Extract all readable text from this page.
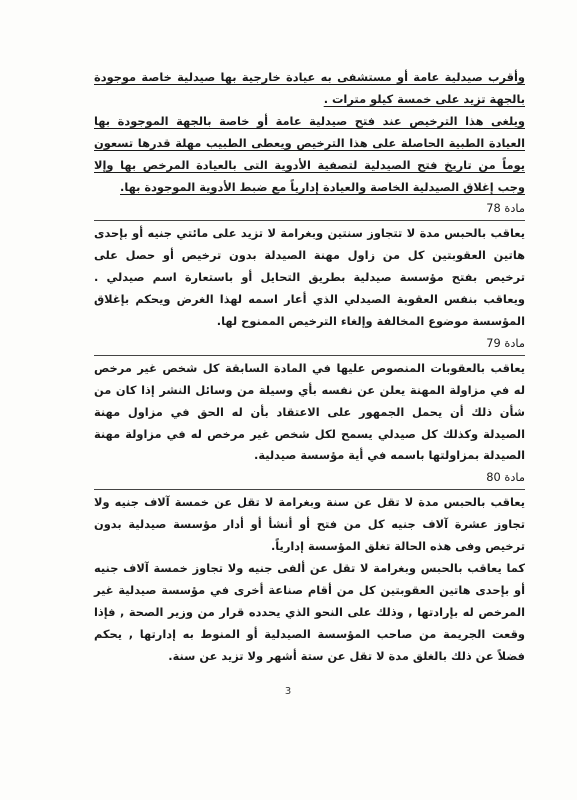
وأقرب صيدلية عامة أو مستشفى به عيادة خارجية بها صيدلية خاصة موجودة بالجهة تزيد على خمسة كيلو مترات .

ويلغى هذا الترخيص عند فتح صيدلية عامة أو خاصة بالجهة الموجودة بها العيادة الطبية الحاصلة على هذا الترخيص ويعطى الطبيب مهلة قدرها تسعون يوماً من تاريخ فتح الصيدلية لتصفية الأدوية التى بالعيادة المرخص بها وإلا وجب إغلاق الصيدلية الخاصة والعيادة إدارياً مع ضبط الأدوية الموجودة بها.

مادة 78

يعاقب بالحبس مدة لا تتجاوز سنتين وبغرامة لا تزيد على مائتي جنيه أو بإحدى هاتين العقوبتين كل من زاول مهنة الصيدلة بدون ترخيص أو حصل على ترخيص بفتح مؤسسة صيدلية بطريق التحايل أو باستعارة اسم صيدلي . ويعاقب بنفس العقوبة الصيدلي الذي أعار اسمه لهذا الغرض ويحكم بإغلاق المؤسسة موضوع المخالفة وإلغاء الترخيص الممنوح لها.

مادة 79

يعاقب بالعقوبات المنصوص عليها في المادة السابقة كل شخص غير مرخص له في مزاولة المهنة يعلن عن نفسه بأي وسيلة من وسائل النشر إذا كان من شأن ذلك أن يحمل الجمهور على الاعتقاد بأن له الحق في مزاول مهنة الصيدلة وكذلك كل صيدلي يسمح لكل شخص غير مرخص له في مزاولة مهنة الصيدلة بمزاولتها باسمه في أية مؤسسة صيدلية.

مادة 80

يعاقب بالحبس مدة لا تقل عن سنة وبغرامة لا تقل عن خمسة آلاف جنيه ولا تجاوز عشرة آلاف جنيه كل من فتح أو أنشأ أو أدار مؤسسة صيدلية بدون ترخيص وفى هذه الحالة تغلق المؤسسة إدارياً.

كما يعاقب بالحبس وبغرامة لا تقل عن ألفى جنيه ولا تجاوز خمسة آلاف جنيه أو بإحدى هاتين العقوبتين كل من أقام صناعة أخرى في مؤسسة صيدلية غير المرخص له بإرادتها , وذلك على النحو الذي يحدده قرار من وزير الصحة , فإذا وقعت الجريمة من صاحب المؤسسة الصيدلية أو المنوط به إدارتها , يحكم فضلاً عن ذلك بالغلق مدة لا تقل عن ستة أشهر ولا تزيد عن سنة.

3
